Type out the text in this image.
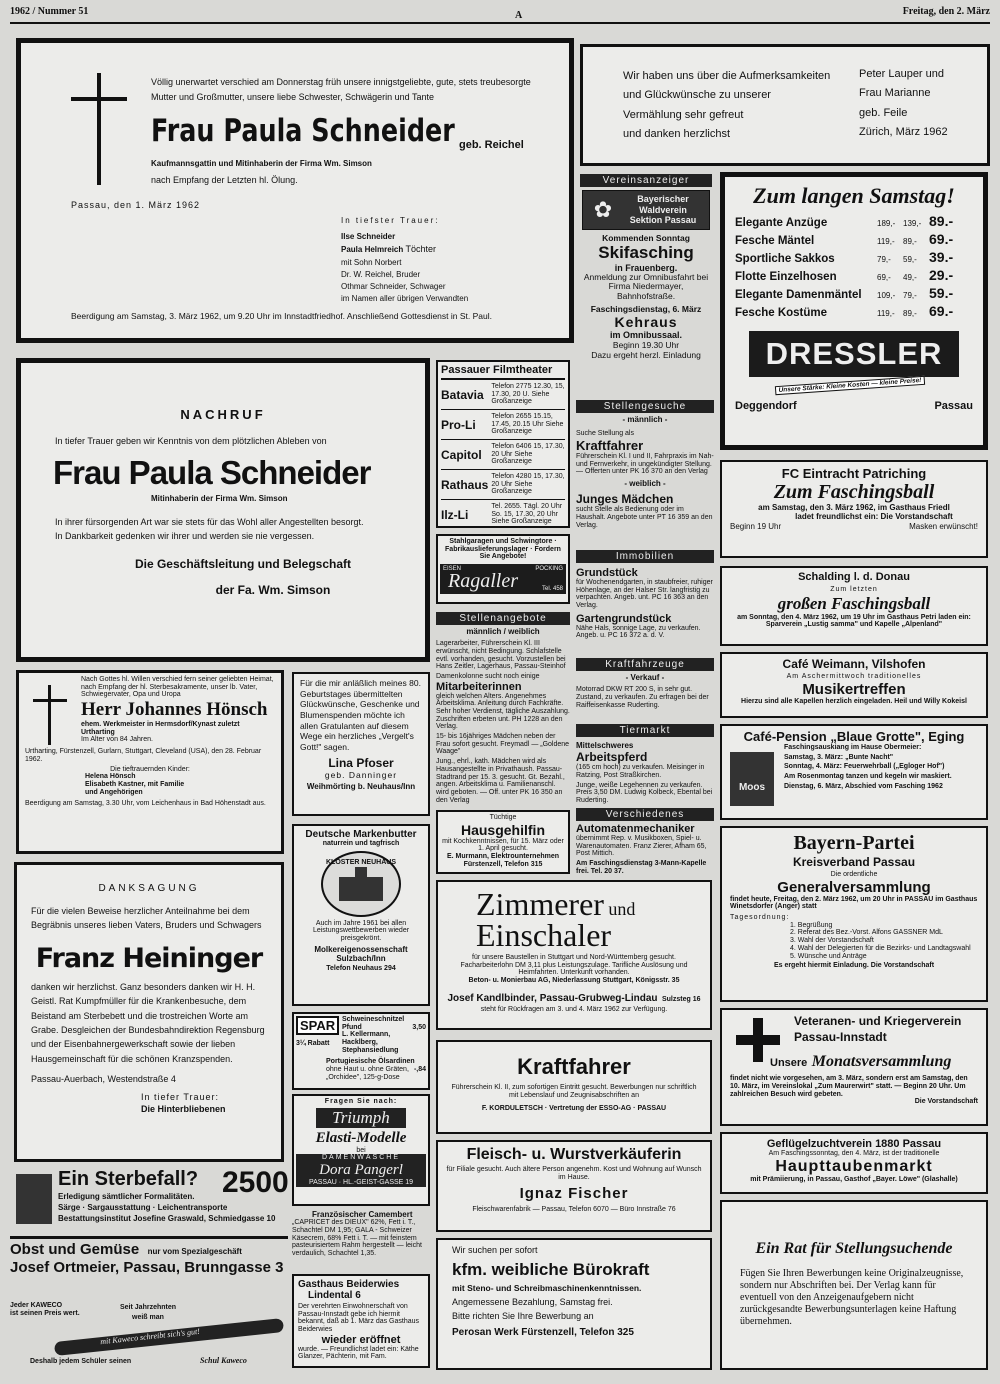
1962 / Nummer 51	A	Freitag, den 2. März
Völlig unerwartet verschied am Donnerstag früh unsere innigstgeliebte, gute, stets treubesorgte Mutter und Großmutter, unsere liebe Schwester, Schwägerin und Tante
Frau Paula Schneider geb. Reichel
Kaufmannsgattin und Mitinhaberin der Firma Wm. Simson
nach Empfang der Letzten hl. Ölung.
Passau, den 1. März 1962
In tiefster Trauer:
Ilse Schneider
Paula Helmreich Töchter
mit Sohn Norbert
Dr. W. Reichel, Bruder
Othmar Schneider, Schwager
im Namen aller übrigen Verwandten
Beerdigung am Samstag, 3. März 1962, um 9.20 Uhr im Innstadtfriedhof. Anschließend Gottesdienst in St. Paul.
Wir haben uns über die Aufmerksamkeiten
und Glückwünsche zu unserer
Vermählung sehr gefreut
und danken herzlichst
Peter Lauper und
Frau Marianne
geb. Feile
Zürich, März 1962
NACHRUF
In tiefer Trauer geben wir Kenntnis von dem plötzlichen Ableben von
Frau Paula Schneider
Mitinhaberin der Firma Wm. Simson
In ihrer fürsorgenden Art war sie stets für das Wohl aller Angestellten besorgt.
In Dankbarkeit gedenken wir ihrer und werden sie nie vergessen.
Die Geschäftsleitung und Belegschaft
der Fa. Wm. Simson
Passauer Filmtheater
Batavia
Telefon 2775 12.30, 15, 17.30, 20 U. Siehe Großanzeige
Pro-Li
Telefon 2655 15.15, 17.45, 20.15 Uhr Siehe Großanzeige
Capitol
Telefon 6406 15, 17.30, 20 Uhr Siehe Großanzeige
Rathaus
Telefon 4280 15, 17.30, 20 Uhr Siehe Großanzeige
Ilz-Li
Tel. 2655. Tägl. 20 Uhr So. 15, 17.30, 20 Uhr Siehe Großanzeige
Vereinsanzeiger
✿	Bayerischer Waldverein Sektion Passau
Kommenden Sonntag
Skifasching
in Frauenberg.
Anmeldung zur Omnibusfahrt bei Firma Niedermayer, Bahnhofstraße.
Faschingsdienstag, 6. März
Kehraus
im Omnibussaal.
Beginn 19.30 Uhr
Dazu ergeht herzl. Einladung
Zum langen Samstag!
Elegante Anzüge	189,- 139,- 89.-
Fesche Mäntel	119,-	89,- 69.-
Sportliche Sakkos	79,-	59,- 39.-
Flotte Einzelhosen	69,-	49,- 29.-
Elegante Damenmäntel	109,- 79,- 59.-
Fesche Kostüme	119,-	89,- 69.-
DRESSLER
Unsere Stärke: Kleine Kosten — kleine Preise!
Deggendorf	Passau
Stellengesuche
- männlich -
Suche Stellung als
Kraftfahrer
Führerschein Kl. I und II, Fahrpraxis im Nah- und Fernverkehr, in ungekündigter Stellung. — Offerten unter PK 16 370 an den Verlag
- weiblich -
Junges Mädchen
sucht Stelle als Bedienung oder im Haushalt. Angebote unter PT 16 359 an den Verlag.
Immobilien
Grundstück
für Wochenendgarten, in staubfreier, ruhiger Höhenlage, an der Halser Str. langfristig zu verpachten. Angeb. unt. PC 16 363 an den Verlag.
Gartengrundstück
Nähe Hals, sonnige Lage, zu verkaufen. Angeb. u. PC 16 372 a. d. V.
Kraftfahrzeuge
- Verkauf -
Motorrad DKW RT 200 S, in sehr gut. Zustand, zu verkaufen. Zu erfragen bei der Raiffeisenkasse Ruderting.
Tiermarkt
Mittelschweres
Arbeitspferd
(165 cm hoch) zu verkaufen. Meisinger in Ratzing, Post Straßkirchen.
Junge, weiße Legehennen zu verkaufen. Preis 3,50 DM. Ludwig Kolbeck, Ebental bei Ruderting.
Verschiedenes
Automatenmechaniker
übernimmt Rep. v. Musikboxen, Spiel- u. Warenautomaten. Franz Zierer, Afham 65, Post Mittich.
Am Faschingsdienstag 3-Mann-Kapelle frei. Tel. 20 37.
Stahlgaragen und Schwingtore · Fabrikauslieferungslager · Fordern Sie Angebote!
EISEN
Ragaller
POCKING
Tel. 458
Stellenangebote
männlich / weiblich
Lagerarbeiter, Führerschein Kl. III erwünscht, nicht Bedingung. Schlafstelle evtl. vorhanden, gesucht. Vorzustellen bei Hans Zeitler, Lagerhaus, Passau-Steinhof
Damenkolonne sucht noch einige
Mitarbeiterinnen
gleich welchen Alters. Angenehmes Arbeitsklima. Anleitung durch Fachkräfte. Sehr hoher Verdienst, tägliche Auszahlung. Zuschriften erbeten unt. PH 1228 an den Verlag.
15- bis 16jähriges Mädchen neben der Frau sofort gesucht. Freymadl — „Goldene Waage"
Jung., ehrl., kath. Mädchen wird als Hausangestellte in Privathaush. Passau-Stadtrand per 15. 3. gesucht. Gt. Bezahl., angen. Arbeitsklima u. Familienanschl. wird geboten. — Off. unter PK 16 350 an den Verlag
Nach Gottes hl. Willen verschied fern seiner geliebten Heimat, nach Empfang der hl. Sterbesakramente, unser lb. Vater, Schwiegervater, Opa und Uropa
Herr Johannes Hönsch
ehem. Werkmeister in Hermsdorf/Kynast zuletzt Urtharting
Im Alter von 84 Jahren.
Urtharting, Fürstenzell, Gurlarn, Stuttgart, Cleveland (USA), den 28. Februar 1962.
Die tieftrauernden Kinder:
Helena Hönsch
Elisabeth Kastner, mit Familie
und Angehörigen
Beerdigung am Samstag, 3.30 Uhr, vom Leichenhaus in Bad Höhenstadt aus.
Für die mir anläßlich meines 80. Geburtstages übermittelten Glückwünsche, Geschenke und Blumenspenden möchte ich allen Gratulanten auf diesem Wege ein herzliches „Vergelt's Gott!" sagen.
Lina Pfoser
geb. Danninger
Weihmörting b. Neuhaus/Inn
Deutsche Markenbutter
naturrein und tagfrisch
KLOSTER NEUHAUS
Auch im Jahre 1961 bei allen Leistungswettbewerben wieder preisgekrönt.
Molkereigenossenschaft Sulzbach/Inn
Telefon Neuhaus 294
SPAR
3¼ Rabatt
Schweineschnitzel
Pfund	3,50
L. Kellermann, Hacklberg, Stephansiedlung
Portugiesische Ölsardinen
ohne Haut u. ohne Gräten, „Orchidee", 125-g-Dose
-,84
Fragen Sie nach:
Triumph
Elasti-Modelle
bei
DAMENWÄSCHE
Dora Pangerl
PASSAU · HL.-GEIST-GASSE 19
Französischer Camembert
„CAPRICET des DIEUX" 62%, Fett i. T., Schachtel DM 1,95; GALA - Schweizer Käsecrem, 68% Fett i. T. — mit feinstem pasteurisiertem Rahm hergestellt — leicht verdaulich, Schachtel 1,35.
Gasthaus Beiderwies
Lindental 6
Der verehrten Einwohnerschaft von Passau-Innstadt gebe ich hiermit bekannt, daß ab 1. März das Gasthaus Beiderwies
wieder eröffnet
wurde. — Freundlichst ladet ein: Käthe Glanzer, Pächterin, mit Fam.
DANKSAGUNG
Für die vielen Beweise herzlicher Anteilnahme bei dem Begräbnis unseres lieben Vaters, Bruders und Schwagers
Franz Heininger
danken wir herzlichst. Ganz besonders danken wir H. H. Geistl. Rat Kumpfmüller für die Krankenbesuche, dem Beistand am Sterbebett und die trostreichen Worte am Grabe. Desgleichen der Bundesbahndirektion Regensburg und der Eisenbahnergewerkschaft sowie der lieben Hausgemeinschaft für die schönen Kranzspenden.
Passau-Auerbach, Westendstraße 4
In tiefer Trauer:
Die Hinterbliebenen
Ein Sterbefall? 2500
Erledigung sämtlicher Formalitäten.
Särge · Sargausstattung · Leichentransporte
Bestattungsinstitut Josefine Graswald, Schmiedgasse 10
Obst und Gemüse nur vom Spezialgeschäft
Josef Ortmeier, Passau, Brunngasse 3
Jeder KAWECO
ist seinen Preis wert.
Seit Jahrzehnten
weiß man
mit Kaweco schreibt sich's gut!
Deshalb jedem Schüler seinen	Schul Kaweco
Tüchtige
Hausgehilfin
mit Kochkenntnissen, für 15. März oder 1. April gesucht.
E. Murmann, Elektrounternehmen Fürstenzell, Telefon 315
Zimmerer und
Einschaler
für unsere Baustellen in Stuttgart und Nord-Württemberg gesucht. Facharbeiterlohn DM 3,11 plus Leistungszulage. Tarifliche Auslösung und Heimfahrten. Unterkunft vorhanden.
Beton- u. Monierbau AG, Niederlassung Stuttgart, Königsstr. 35
Josef Kandlbinder, Passau-Grubweg-Lindau Sulzsteg 16
steht für Rückfragen am 3. und 4. März 1962 zur Verfügung.
Kraftfahrer
Führerschein Kl. II, zum sofortigen Eintritt gesucht. Bewerbungen nur schriftlich mit Lebenslauf und Zeugnisabschriften an
F. KORDULETSCH · Vertretung der ESSO-AG · PASSAU
Fleisch- u. Wurstverkäuferin
für Filiale gesucht. Auch ältere Person angenehm. Kost und Wohnung auf Wunsch im Hause.
Ignaz Fischer
Fleischwarenfabrik — Passau, Telefon 6070 — Büro Innstraße 76
Wir suchen per sofort
kfm. weibliche Bürokraft
mit Steno- und Schreibmaschinenkenntnissen.
Angemessene Bezahlung, Samstag frei.
Bitte richten Sie Ihre Bewerbung an
Perosan Werk Fürstenzell, Telefon 325
FC Eintracht Patriching
Zum Faschingsball
am Samstag, den 3. März 1962, im Gasthaus Friedl
ladet freundlichst ein: Die Vorstandschaft
Beginn 19 Uhr	Masken erwünscht!
Schalding l. d. Donau
Zum letzten
großen Faschingsball
am Sonntag, den 4. März 1962, um 19 Uhr im Gasthaus Petri laden ein:
Sparverein „Lustig samma" und Kapelle „Alpenland"
Café Weimann, Vilshofen
Am Aschermittwoch traditionelles
Musikertreffen
Hierzu sind alle Kapellen herzlich eingeladen. Heil und Willy Kokeisl
Café-Pension „Blaue Grotte", Eging
Moos
Faschingsauskiang im Hause Obermeier:
Samstag, 3. März: „Bunte Nacht"
Sonntag, 4. März: Feuerwehrball („Egloger Hof")
Am Rosenmontag tanzen und kegeln wir maskiert.
Dienstag, 6. März, Abschied vom Fasching 1962
Bayern-Partei
Kreisverband Passau
Die ordentliche
Generalversammlung
findet heute, Freitag, den 2. März 1962, um 20 Uhr in PASSAU im Gasthaus Winetsdorfer (Anger) statt
Tagesordnung:
1. Begrüßung
2. Referat des Bez.-Vorst. Alfons GASSNER MdL
3. Wahl der Vorstandschaft
4. Wahl der Delegierten für die Bezirks- und Landtagswahl
5. Wünsche und Anträge
Es ergeht hiermit Einladung. Die Vorstandschaft
Veteranen- und Kriegerverein Passau-Innstadt
Unsere Monatsversammlung
findet nicht wie vorgesehen, am 3. März, sondern erst am Samstag, den 10. März, im Vereinslokal „Zum Maurerwirt" statt. — Beginn 20 Uhr. Um zahlreichen Besuch wird gebeten.
Die Vorstandschaft
Geflügelzuchtverein 1880 Passau
Am Faschingssonntag, den 4. März, ist der traditionelle
Haupttaubenmarkt
mit Prämiierung, in Passau, Gasthof „Bayer. Löwe" (Glashalle)
Ein Rat für Stellungsuchende
Fügen Sie Ihren Bewerbungen keine Originalzeugnisse, sondern nur Abschriften bei. Der Verlag kann für eventuell von den Anzeigenaufgebern nicht zurückgesandte Bewerbungsunterlagen keine Haftung übernehmen.
